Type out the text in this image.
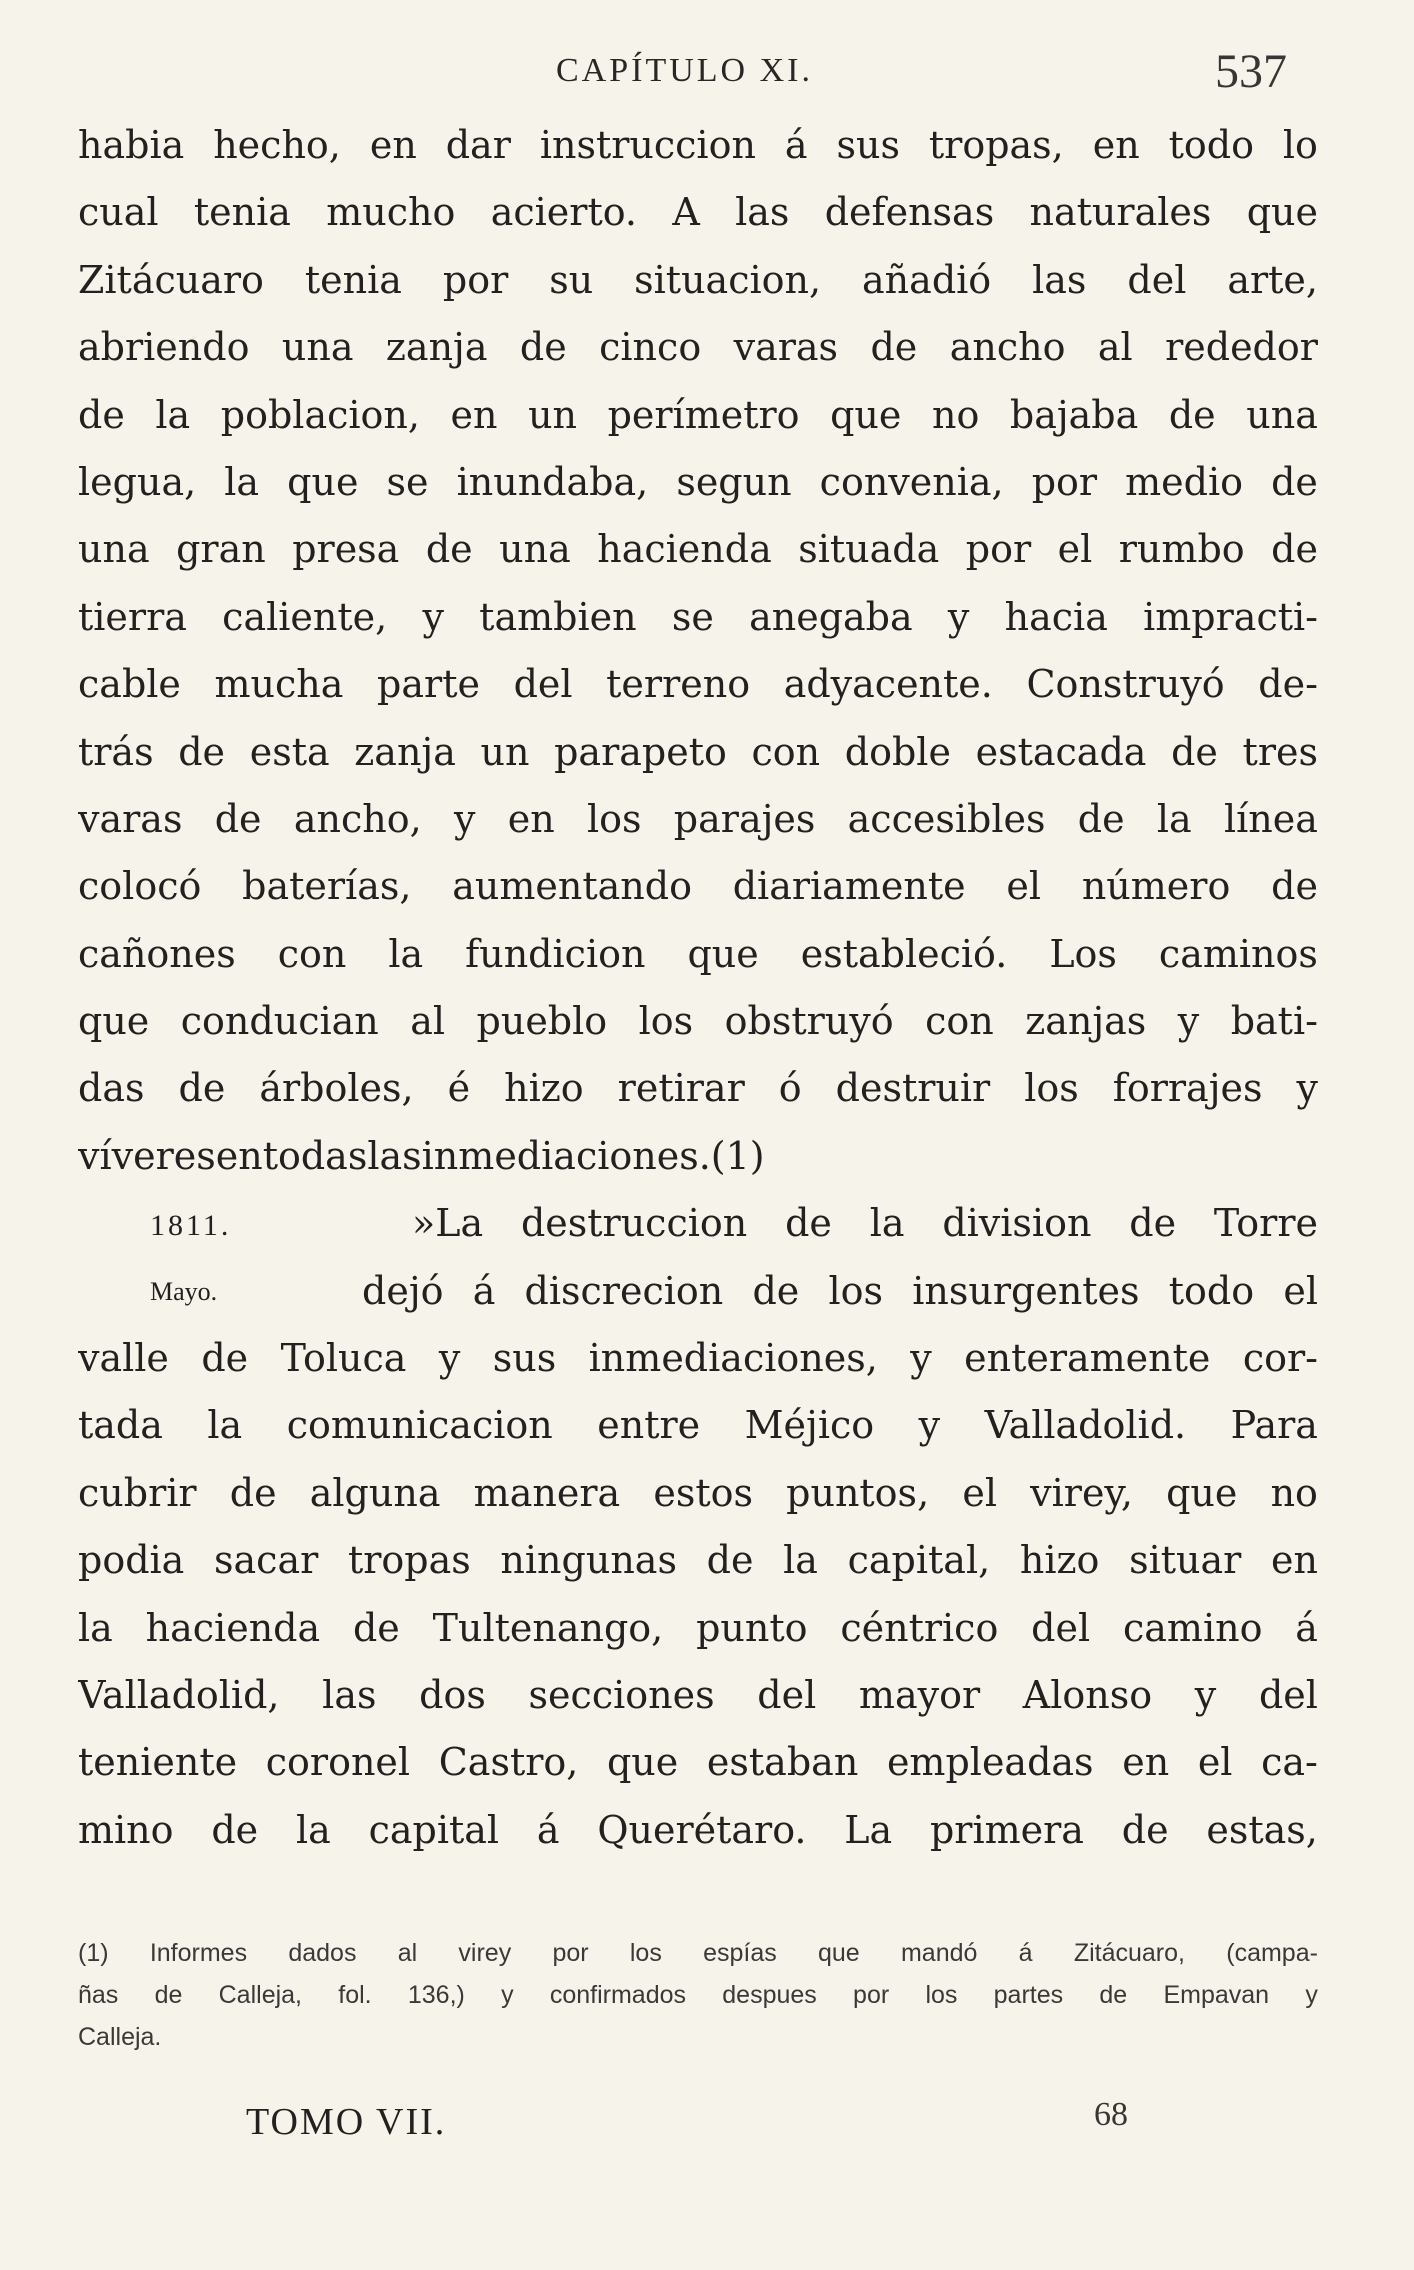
CAPÍTULO XI.	537
habia hecho, en dar instruccion á sus tropas, en todo lo
cual tenia mucho acierto. A las defensas naturales que
Zitácuaro tenia por su situacion, añadió las del arte,
abriendo una zanja de cinco varas de ancho al rededor
de la poblacion, en un perímetro que no bajaba de una
legua, la que se inundaba, segun convenia, por medio de
una gran presa de una hacienda situada por el rumbo de
tierra caliente, y tambien se anegaba y hacia impracti-
cable mucha parte del terreno adyacente. Construyó de-
trás de esta zanja un parapeto con doble estacada de tres
varas de ancho, y en los parajes accesibles de la línea
colocó baterías, aumentando diariamente el número de
cañones con la fundicion que estableció. Los caminos
que conducian al pueblo los obstruyó con zanjas y bati-
das de árboles, é hizo retirar ó destruir los forrajes y
víveres en todas las inmediaciones. (1)
1811.	»La destruccion de la division de Torre
Mayo.	dejó á discrecion de los insurgentes todo el
valle de Toluca y sus inmediaciones, y enteramente cor-
tada la comunicacion entre Méjico y Valladolid. Para
cubrir de alguna manera estos puntos, el virey, que no
podia sacar tropas ningunas de la capital, hizo situar en
la hacienda de Tultenango, punto céntrico del camino á
Valladolid, las dos secciones del mayor Alonso y del
teniente coronel Castro, que estaban empleadas en el ca-
mino de la capital á Querétaro. La primera de estas,
(1) Informes dados al virey por los espías que mandó á Zitácuaro, (campa-
ñas de Calleja, fol. 136,) y confirmados despues por los partes de Empavan y
Calleja.
TOMO VII.	68
